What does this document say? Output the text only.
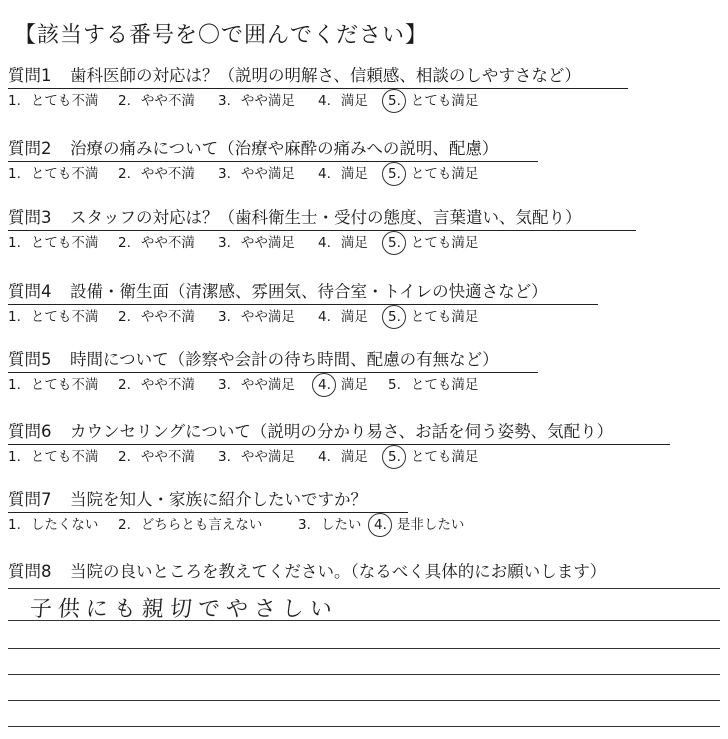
【該当する番号を〇で囲んでください】
質問1 歯科医師の対応は？（説明の明解さ、信頼感、相談のしやすさなど）
1. とても不満 2. やや不満 3. やや満足 4. 満足 5. とても満足
質問2 治療の痛みについて（治療や麻酔の痛みへの説明、配慮）
1. とても不満 2. やや不満 3. やや満足 4. 満足 5. とても満足
質問3 スタッフの対応は？（歯科衛生士・受付の態度、言葉遣い、気配り）
1. とても不満 2. やや不満 3. やや満足 4. 満足 5. とても満足
質問4 設備・衛生面（清潔感、雰囲気、待合室・トイレの快適さなど）
1. とても不満 2. やや不満 3. やや満足 4. 満足 5. とても満足
質問5 時間について（診察や会計の待ち時間、配慮の有無など）
1. とても不満 2. やや不満 3. やや満足 4. 満足 5. とても満足
質問6 カウンセリングについて（説明の分かり易さ、お話を伺う姿勢、気配り）
1. とても不満 2. やや不満 3. やや満足 4. 満足 5. とても満足
質問7 当院を知人・家族に紹介したいですか？
1. したくない 2. どちらとも言えない	3. したい 4. 是非したい
質問8 当院の良いところを教えてください。（なるべく具体的にお願いします）
子供にも親切でやさしい
